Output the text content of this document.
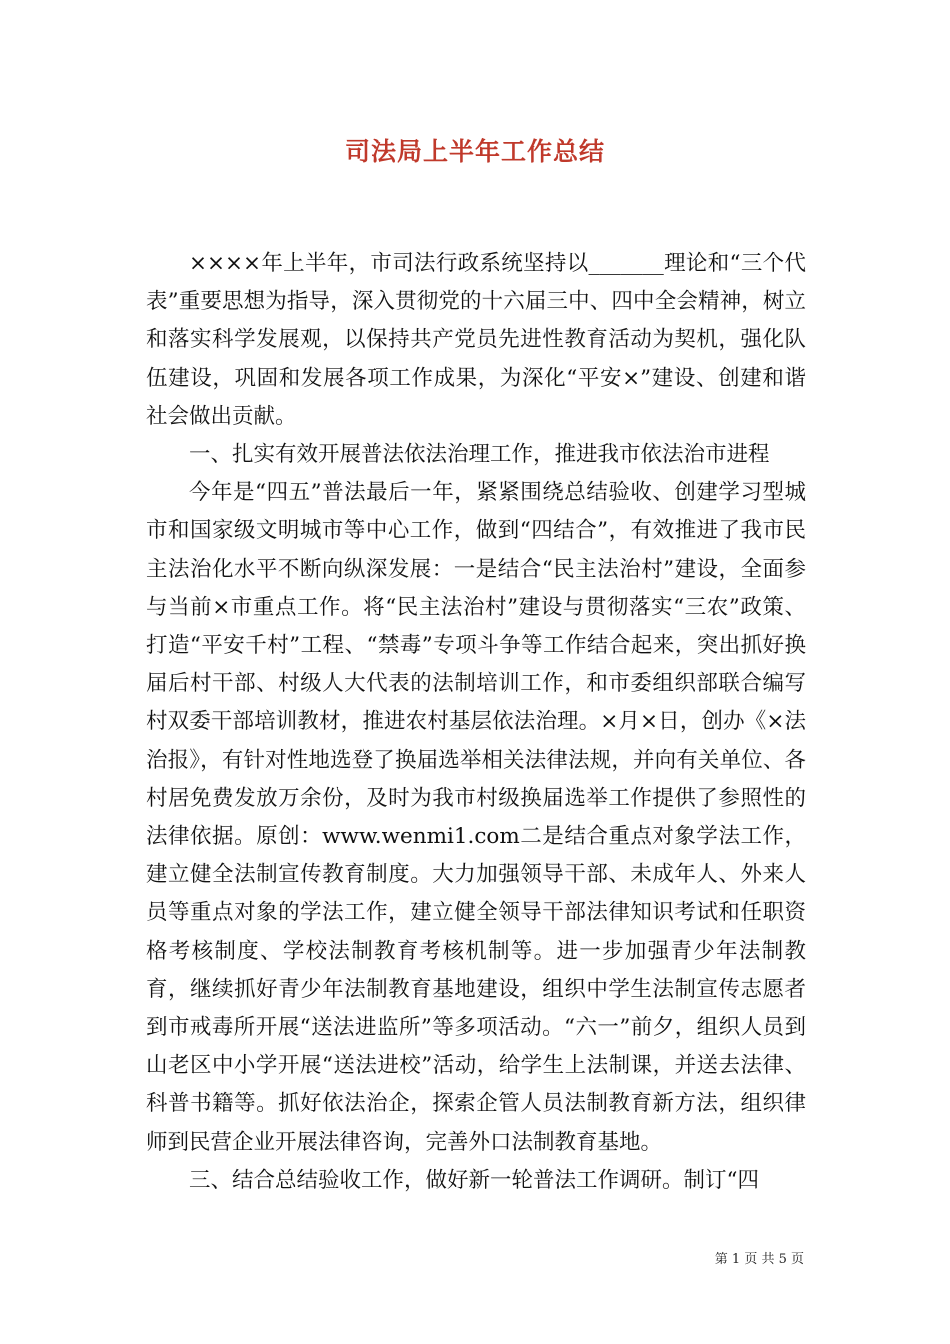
司法局上半年工作总结

××××年上半年，市司法行政系统坚持以_______理论和“三个代表”重要思想为指导，深入贯彻党的十六届三中、四中全会精神，树立和落实科学发展观，以保持共产党员先进性教育活动为契机，强化队伍建设，巩固和发展各项工作成果，为深化“平安×”建设、创建和谐社会做出贡献。

一、扎实有效开展普法依法治理工作，推进我市依法治市进程

今年是“四五”普法最后一年，紧紧围绕总结验收、创建学习型城市和国家级文明城市等中心工作，做到“四结合”，有效推进了我市民主法治化水平不断向纵深发展：一是结合“民主法治村”建设，全面参与当前×市重点工作。将“民主法治村”建设与贯彻落实“三农”政策、打造“平安千村”工程、“禁毒”专项斗争等工作结合起来，突出抓好换届后村干部、村级人大代表的法制培训工作，和市委组织部联合编写村双委干部培训教材，推进农村基层依法治理。×月×日，创办《×法治报》，有针对性地选登了换届选举相关法律法规，并向有关单位、各村居免费发放万余份，及时为我市村级换届选举工作提供了参照性的法律依据。原创：www.wenmi1.com二是结合重点对象学法工作，建立健全法制宣传教育制度。大力加强领导干部、未成年人、外来人员等重点对象的学法工作，建立健全领导干部法律知识考试和任职资格考核制度、学校法制教育考核机制等。进一步加强青少年法制教育，继续抓好青少年法制教育基地建设，组织中学生法制宣传志愿者到市戒毒所开展“送法进监所”等多项活动。“六一”前夕，组织人员到山老区中小学开展“送法进校”活动，给学生上法制课，并送去法律、科普书籍等。抓好依法治企，探索企管人员法制教育新方法，组织律师到民营企业开展法律咨询，完善外口法制教育基地。

三、结合总结验收工作，做好新一轮普法工作调研。制订“四

第 1 页 共 5 页
